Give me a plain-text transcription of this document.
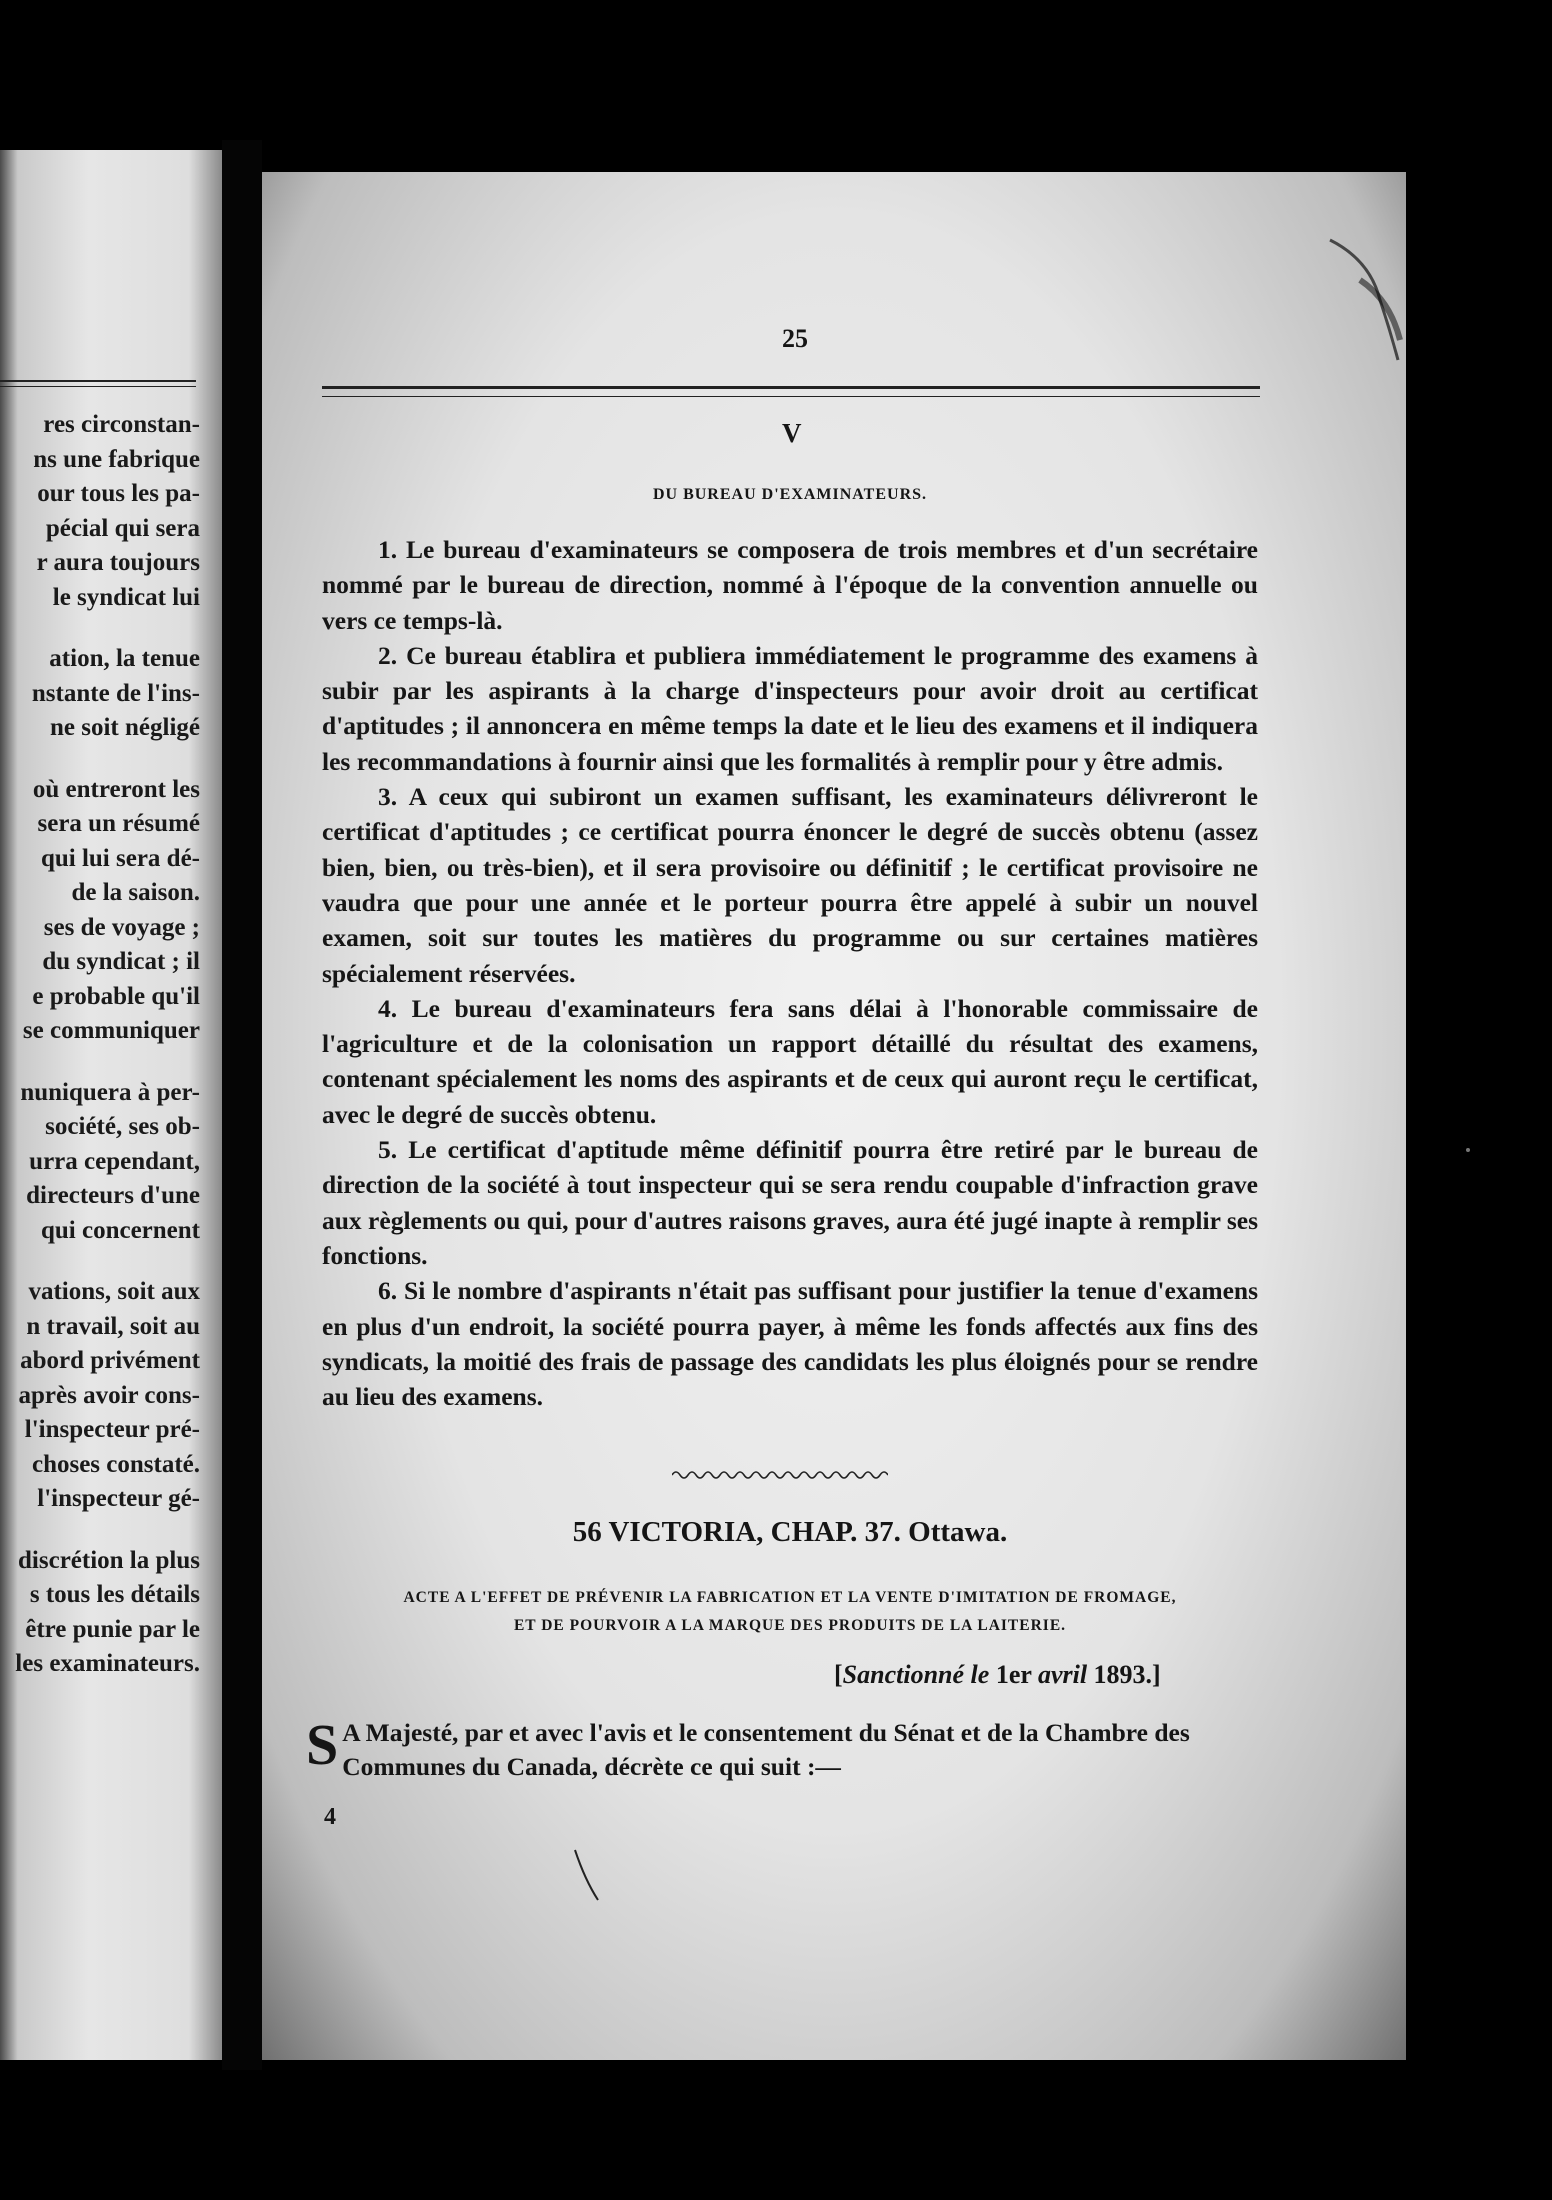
res circonstan-
ns une fabrique
our tous les pa-
pécial qui sera
r aura toujours
le syndicat lui
ation, la tenue
nstante de l'ins-
ne soit négligé
où entreront les
sera un résumé
qui lui sera dé-
de la saison.
ses de voyage ;
du syndicat ; il
e probable qu'il
se communiquer
nuniquera à per-
société, ses ob-
urra cependant,
directeurs d'une
qui concernent
vations, soit aux
n travail, soit au
abord privément
après avoir cons-
l'inspecteur pré-
choses constaté.
l'inspecteur gé-
discrétion la plus
s tous les détails
être punie par le
les examinateurs.
25
V
DU BUREAU D'EXAMINATEURS.

1. Le bureau d'examinateurs se composera de trois membres et d'un secrétaire nommé par le bureau de direction, nommé à l'époque de la convention annuelle ou vers ce temps-là.

2. Ce bureau établira et publiera immédiatement le programme des examens à subir par les aspirants à la charge d'inspecteurs pour avoir droit au certificat d'aptitudes ; il annoncera en même temps la date et le lieu des examens et il indiquera les recommandations à fournir ainsi que les formalités à remplir pour y être admis.

3. A ceux qui subiront un examen suffisant, les examinateurs délivreront le certificat d'aptitudes ; ce certificat pourra énoncer le degré de succès obtenu (assez bien, bien, ou très-bien), et il sera provisoire ou définitif ; le certificat provisoire ne vaudra que pour une année et le porteur pourra être appelé à subir un nouvel examen, soit sur toutes les matières du programme ou sur certaines matières spécialement réservées.

4. Le bureau d'examinateurs fera sans délai à l'honorable commissaire de l'agriculture et de la colonisation un rapport détaillé du résultat des examens, contenant spécialement les noms des aspirants et de ceux qui auront reçu le certificat, avec le degré de succès obtenu.

5. Le certificat d'aptitude même définitif pourra être retiré par le bureau de direction de la société à tout inspecteur qui se sera rendu coupable d'infraction grave aux règlements ou qui, pour d'autres raisons graves, aura été jugé inapte à remplir ses fonctions.

6. Si le nombre d'aspirants n'était pas suffisant pour justifier la tenue d'examens en plus d'un endroit, la société pourra payer, à même les fonds affectés aux fins des syndicats, la moitié des frais de passage des candidats les plus éloignés pour se rendre au lieu des examens.

56 VICTORIA, CHAP. 37. Ottawa.
ACTE A L'EFFET DE PRÉVENIR LA FABRICATION ET LA VENTE D'IMITATION DE FROMAGE,
ET DE POURVOIR A LA MARQUE DES PRODUITS DE LA LAITERIE.
[Sanctionné le 1er avril 1893.]
S A Majesté, par et avec l'avis et le consentement du Sénat et de la Chambre des Communes du Canada, décrète ce qui suit :—
4
